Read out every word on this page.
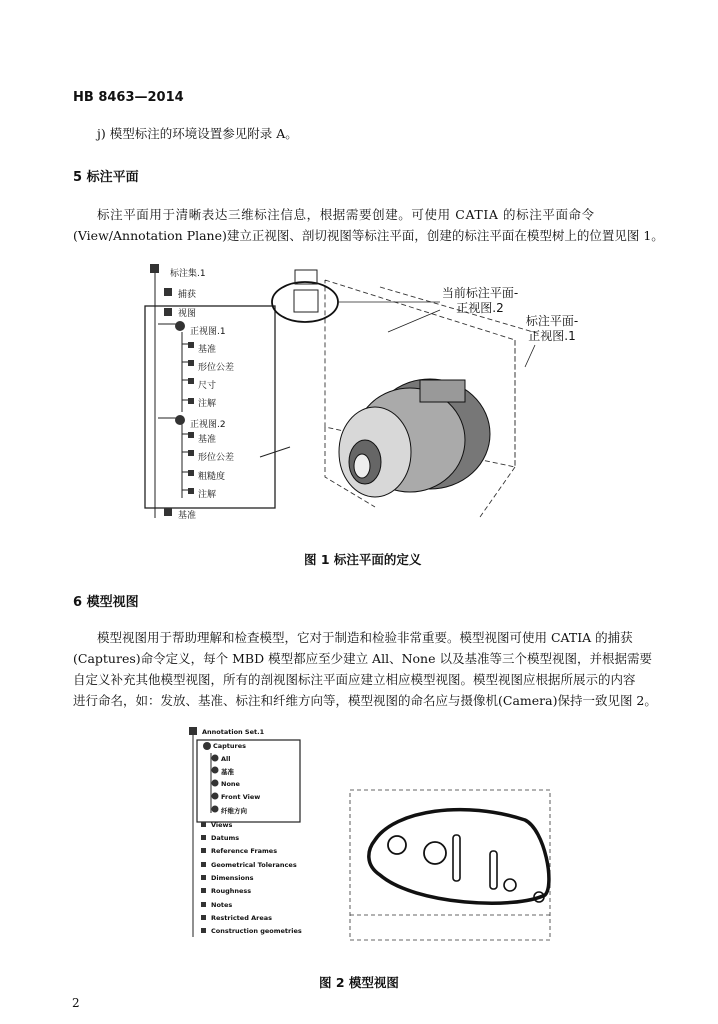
HB 8463—2014
j) 模型标注的环境设置参见附录 A。
5 标注平面
标注平面用于清晰表达三维标注信息，根据需要创建。可使用 CATIA 的标注平面命令
(View/Annotation Plane)建立正视图、剖切视图等标注平面，创建的标注平面在模型树上的位置见图 1。
标注集.1
捕获
视图
正视图.1
基准
形位公差
尺寸
注解
正视图.2
基准
形位公差
粗糙度
注解
基准
当前标注平面-
正视图.2
标注平面-
正视图.1
图 1 标注平面的定义
6 模型视图
模型视图用于帮助理解和检查模型，它对于制造和检验非常重要。模型视图可使用 CATIA 的捕获
(Captures)命令定义，每个 MBD 模型都应至少建立 All、None 以及基准等三个模型视图，并根据需要
自定义补充其他模型视图，所有的剖视图标注平面应建立相应模型视图。模型视图应根据所展示的内容
进行命名，如：发放、基准、标注和纤维方向等，模型视图的命名应与摄像机(Camera)保持一致见图 2。
Annotation Set.1
Captures
All
基准
None
Front View
纤维方向
Views
Datums
Reference Frames
Geometrical Tolerances
Dimensions
Roughness
Notes
Restricted Areas
Construction geometries
图 2 模型视图
2
